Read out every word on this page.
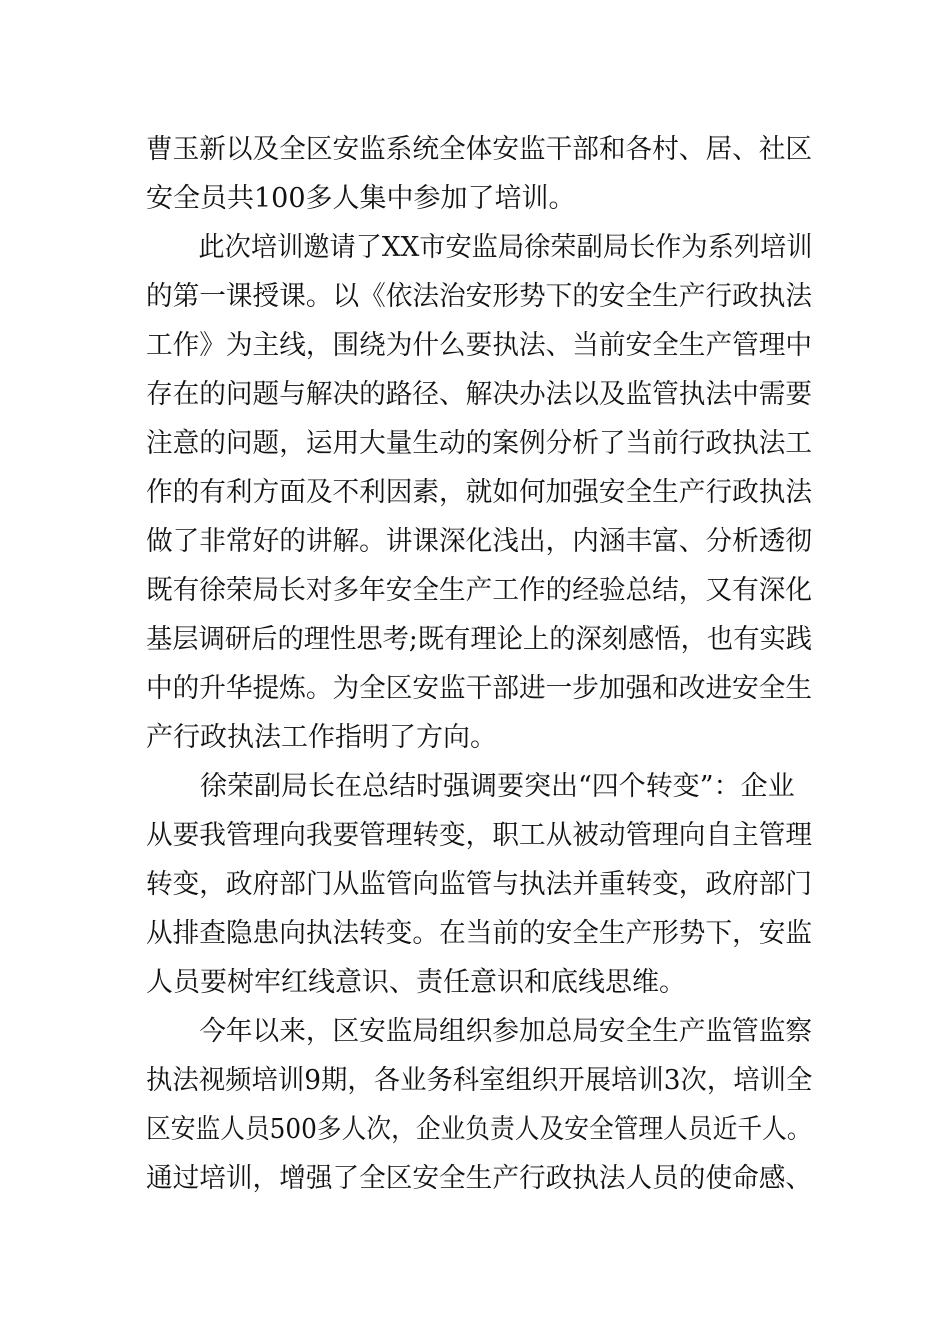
曹玉新以及全区安监系统全体安监干部和各村、居、社区
安全员共100多人集中参加了培训。
　　此次培训邀请了XX市安监局徐荣副局长作为系列培训
的第一课授课。以《依法治安形势下的安全生产行政执法
工作》为主线，围绕为什么要执法、当前安全生产管理中
存在的问题与解决的路径、解决办法以及监管执法中需要
注意的问题，运用大量生动的案例分析了当前行政执法工
作的有利方面及不利因素，就如何加强安全生产行政执法
做了非常好的讲解。讲课深化浅出，内涵丰富、分析透彻
既有徐荣局长对多年安全生产工作的经验总结，又有深化
基层调研后的理性思考;既有理论上的深刻感悟，也有实践
中的升华提炼。为全区安监干部进一步加强和改进安全生
产行政执法工作指明了方向。
　　徐荣副局长在总结时强调要突出“四个转变”：企业
从要我管理向我要管理转变，职工从被动管理向自主管理
转变，政府部门从监管向监管与执法并重转变，政府部门
从排查隐患向执法转变。在当前的安全生产形势下，安监
人员要树牢红线意识、责任意识和底线思维。
　　今年以来，区安监局组织参加总局安全生产监管监察
执法视频培训9期，各业务科室组织开展培训3次，培训全
区安监人员500多人次，企业负责人及安全管理人员近千人。
通过培训，增强了全区安全生产行政执法人员的使命感、
